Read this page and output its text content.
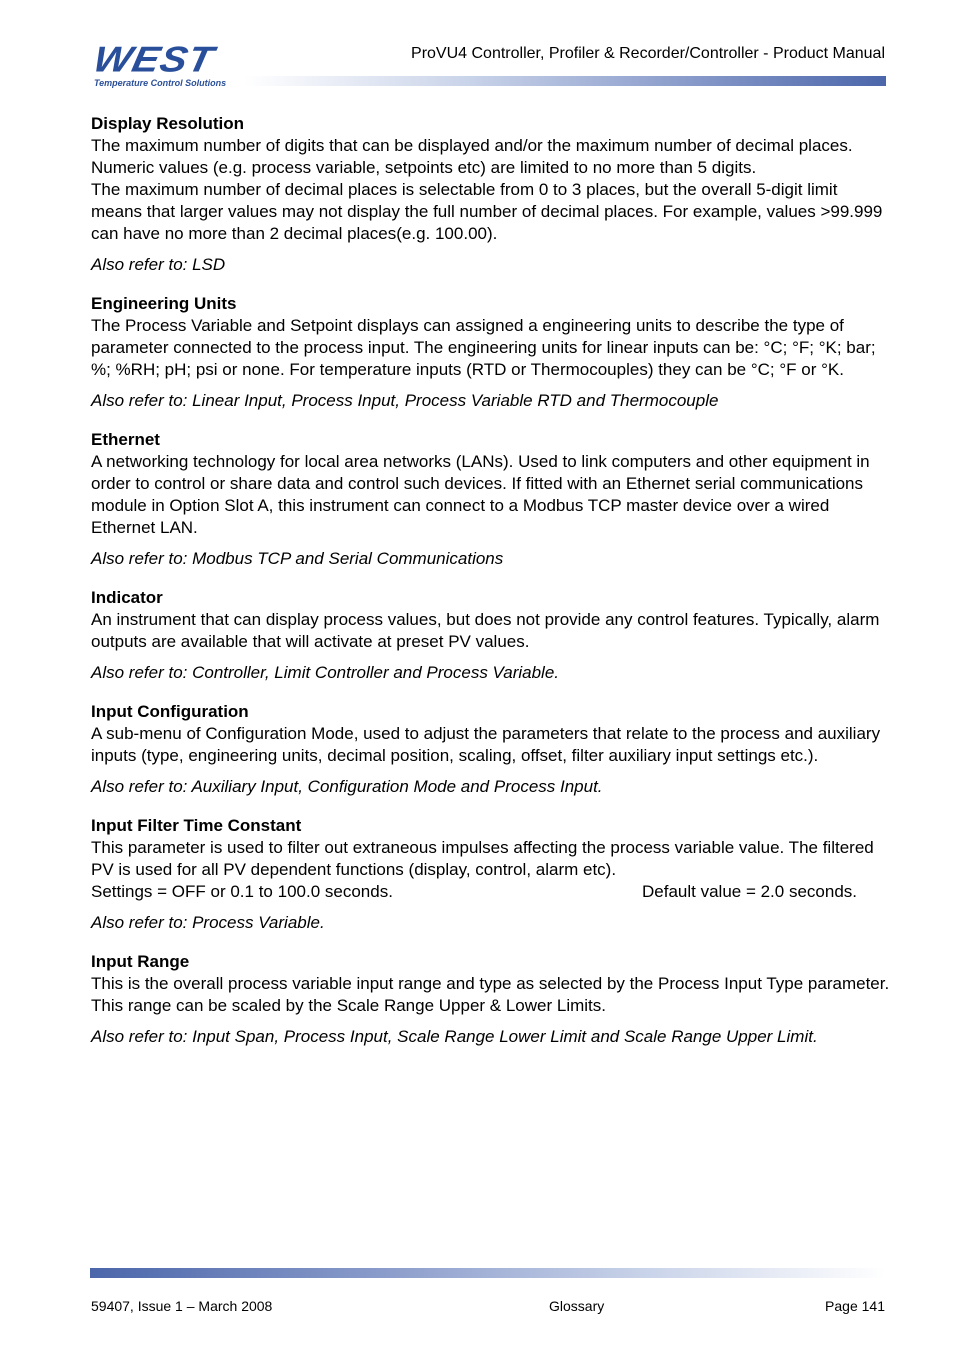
WEST
Temperature Control Solutions
ProVU4 Controller, Profiler & Recorder/Controller - Product Manual
Display Resolution

The maximum number of digits that can be displayed and/or the maximum number of decimal places. Numeric values (e.g. process variable, setpoints etc) are limited to no more than 5 digits.

The maximum number of decimal places is selectable from 0 to 3 places, but the overall 5-digit limit means that larger values may not display the full number of decimal places. For example, values >99.999 can have no more than 2 decimal places(e.g. 100.00).

Also refer to: LSD

Engineering Units

The Process Variable and Setpoint displays can assigned a engineering units to describe the type of parameter connected to the process input. The engineering units for linear inputs can be: °C; °F; °K; bar; %; %RH; pH; psi or none. For temperature inputs (RTD or Thermocouples) they can be °C; °F or °K.

Also refer to: Linear Input, Process Input, Process Variable RTD and Thermocouple

Ethernet

A networking technology for local area networks (LANs). Used to link computers and other equipment in order to control or share data and control such devices. If fitted with an Ethernet serial communications module in Option Slot A, this instrument can connect to a Modbus TCP master device over a wired Ethernet LAN.

Also refer to: Modbus TCP and Serial Communications

Indicator

An instrument that can display process values, but does not provide any control features. Typically, alarm outputs are available that will activate at preset PV values.

Also refer to: Controller, Limit Controller and Process Variable.

Input Configuration

A sub-menu of Configuration Mode, used to adjust the parameters that relate to the process and auxiliary inputs (type, engineering units, decimal position, scaling, offset, filter auxiliary input settings etc.).

Also refer to: Auxiliary Input, Configuration Mode and Process Input.

Input Filter Time Constant

This parameter is used to filter out extraneous impulses affecting the process variable value. The filtered PV is used for all PV dependent functions (display, control, alarm etc).

Settings = OFF or 0.1 to 100.0 seconds.	Default value = 2.0 seconds.

Also refer to: Process Variable.

Input Range

This is the overall process variable input range and type as selected by the Process Input Type parameter. This range can be scaled by the Scale Range Upper & Lower Limits.

Also refer to: Input Span, Process Input, Scale Range Lower Limit and Scale Range Upper Limit.

59407, Issue 1 – March 2008	Glossary	Page 141
